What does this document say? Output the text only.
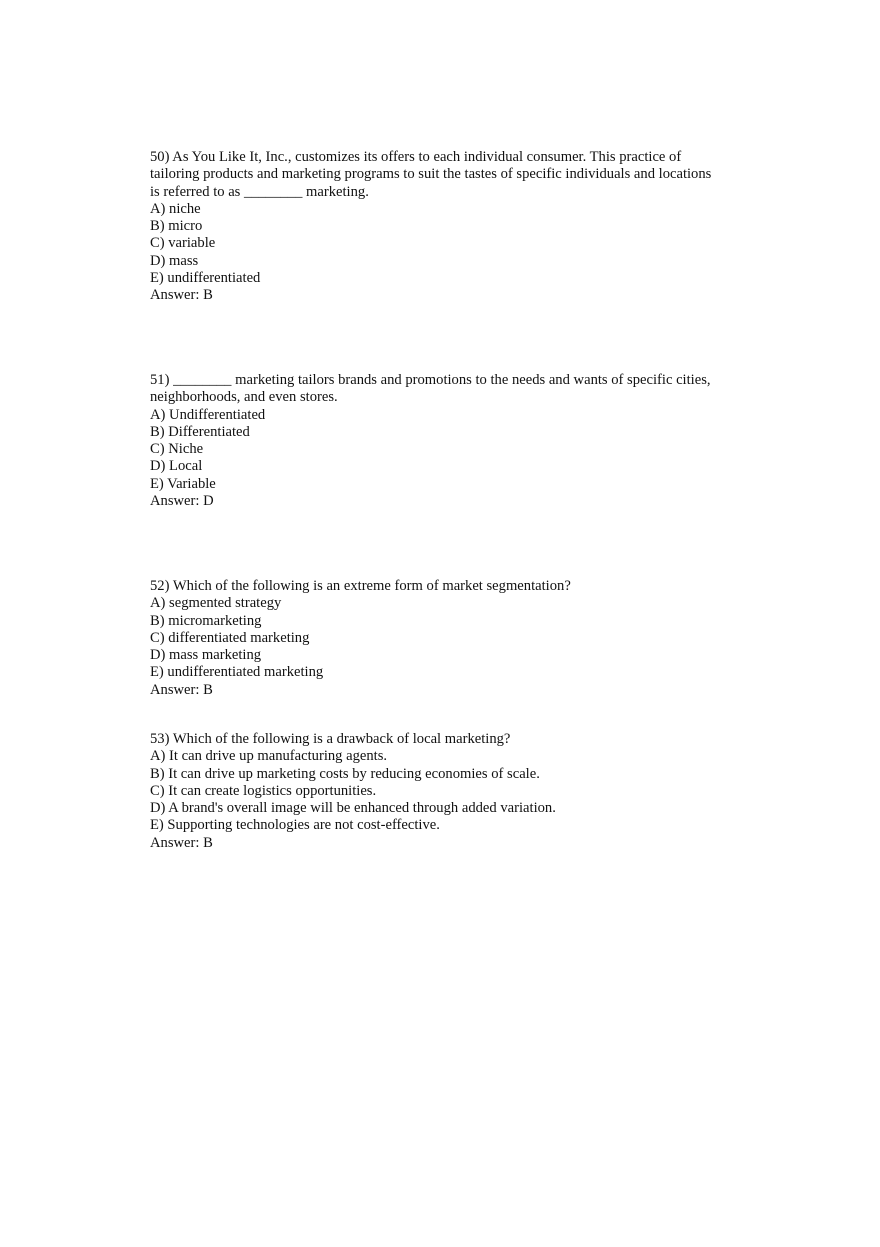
50) As You Like It, Inc., customizes its offers to each individual consumer. This practice of
tailoring products and marketing programs to suit the tastes of specific individuals and locations
is referred to as ________ marketing.
A) niche
B) micro
C) variable
D) mass
E) undifferentiated
Answer: B
51) ________ marketing tailors brands and promotions to the needs and wants of specific cities,
neighborhoods, and even stores.
A) Undifferentiated
B) Differentiated
C) Niche
D) Local
E) Variable
Answer: D
52) Which of the following is an extreme form of market segmentation?
A) segmented strategy
B) micromarketing
C) differentiated marketing
D) mass marketing
E) undifferentiated marketing
Answer: B
53) Which of the following is a drawback of local marketing?
A) It can drive up manufacturing agents.
B) It can drive up marketing costs by reducing economies of scale.
C) It can create logistics opportunities.
D) A brand's overall image will be enhanced through added variation.
E) Supporting technologies are not cost-effective.
Answer: B
